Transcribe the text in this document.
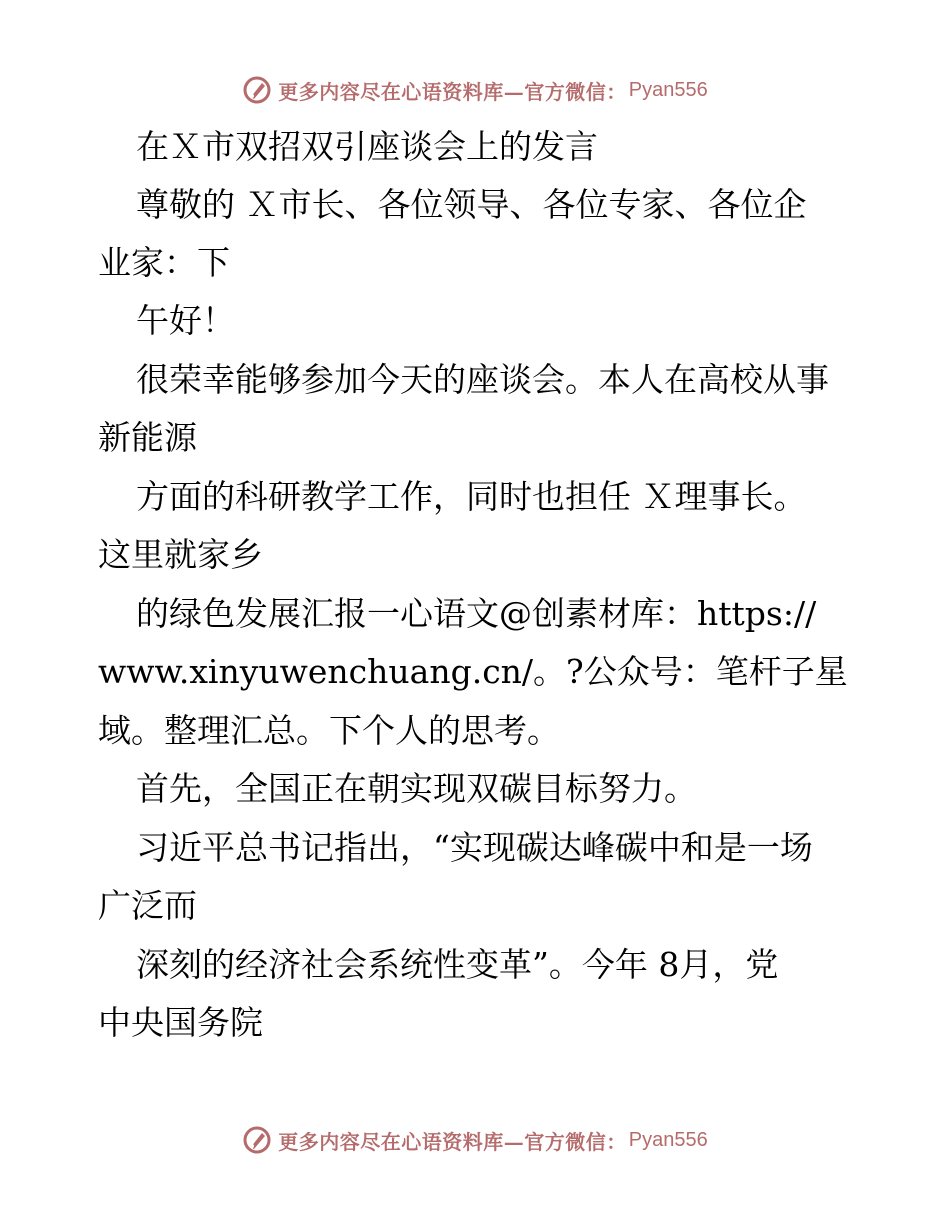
更多内容尽在心语资料库—官方微信： Pyan556
在Ｘ市双招双引座谈会上的发言
尊敬的 Ｘ市长、各位领导、各位专家、各位企
业家：下
午好！
很荣幸能够参加今天的座谈会。本人在高校从事
新能源
方面的科研教学工作，同时也担任 Ｘ理事长。
这里就家乡
的绿色发展汇报一心语文@创素材库：https://
www.xinyuwenchuang.cn/。?公众号：笔杆子星
域。整理汇总。下个人的思考。
首先，全国正在朝实现双碳目标努力。
习近平总书记指出，“实现碳达峰碳中和是一场
广泛而
深刻的经济社会系统性变革”。今年 8月，党
中央国务院
更多内容尽在心语资料库—官方微信： Pyan556
